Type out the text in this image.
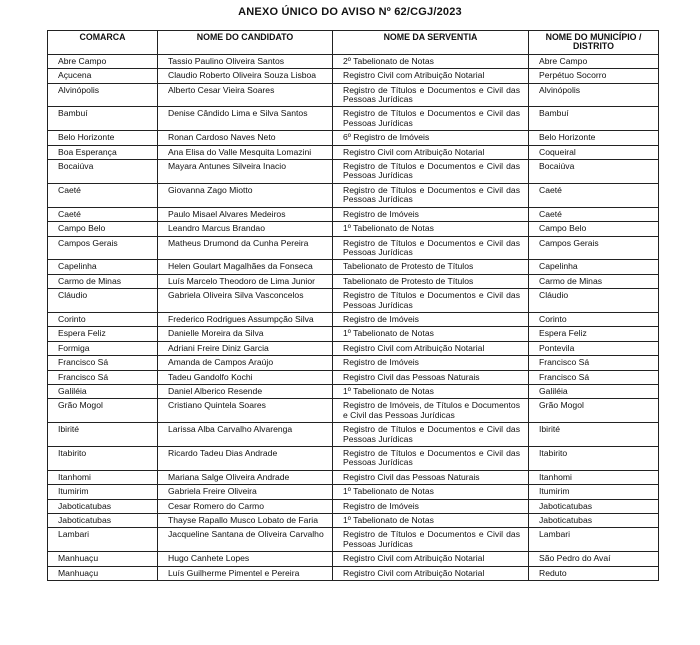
ANEXO ÚNICO DO AVISO Nº 62/CGJ/2023
COMARCA	NOME DO CANDIDATO	NOME DA SERVENTIA	NOME DO MUNICÍPIO / DISTRITO
Abre Campo	Tassio Paulino Oliveira Santos	2º Tabelionato de Notas	Abre Campo
Açucena	Claudio Roberto Oliveira Souza Lisboa	Registro Civil com Atribuição Notarial	Perpétuo Socorro
Alvinópolis	Alberto Cesar Vieira Soares	Registro de Títulos e Documentos e Civil das Pessoas Jurídicas	Alvinópolis
Bambuí	Denise Cândido Lima e Silva Santos	Registro de Títulos e Documentos e Civil das Pessoas Jurídicas	Bambuí
Belo Horizonte	Ronan Cardoso Naves Neto	6º Registro de Imóveis	Belo Horizonte
Boa Esperança	Ana Elisa do Valle Mesquita Lomazini	Registro Civil com Atribuição Notarial	Coqueiral
Bocaiúva	Mayara Antunes Silveira Inacio	Registro de Títulos e Documentos e Civil das Pessoas Jurídicas	Bocaiúva
Caeté	Giovanna Zago Miotto	Registro de Títulos e Documentos e Civil das Pessoas Jurídicas	Caeté
Caeté	Paulo Misael Alvares Medeiros	Registro de Imóveis	Caeté
Campo Belo	Leandro Marcus Brandao	1º Tabelionato de Notas	Campo Belo
Campos Gerais	Matheus Drumond da Cunha Pereira	Registro de Títulos e Documentos e Civil das Pessoas Jurídicas	Campos Gerais
Capelinha	Helen Goulart Magalhães da Fonseca	Tabelionato de Protesto de Títulos	Capelinha
Carmo de Minas	Luís Marcelo Theodoro de Lima Junior	Tabelionato de Protesto de Títulos	Carmo de Minas
Cláudio	Gabriela Oliveira Silva Vasconcelos	Registro de Títulos e Documentos e Civil das Pessoas Jurídicas	Cláudio
Corinto	Frederico Rodrigues Assumpção Silva	Registro de Imóveis	Corinto
Espera Feliz	Danielle Moreira da Silva	1º Tabelionato de Notas	Espera Feliz
Formiga	Adriani Freire Diniz Garcia	Registro Civil com Atribuição Notarial	Pontevila
Francisco Sá	Amanda de Campos Araújo	Registro de Imóveis	Francisco Sá
Francisco Sá	Tadeu Gandolfo Kochi	Registro Civil das Pessoas Naturais	Francisco Sá
Galiléia	Daniel Alberico Resende	1º Tabelionato de Notas	Galiléia
Grão Mogol	Cristiano Quintela Soares	Registro de Imóveis, de Títulos e Documentos e Civil das Pessoas Jurídicas	Grão Mogol
Ibirité	Larissa Alba Carvalho Alvarenga	Registro de Títulos e Documentos e Civil das Pessoas Jurídicas	Ibirité
Itabirito	Ricardo Tadeu Dias Andrade	Registro de Títulos e Documentos e Civil das Pessoas Jurídicas	Itabirito
Itanhomi	Mariana Salge Oliveira Andrade	Registro Civil das Pessoas Naturais	Itanhomi
Itumirim	Gabriela Freire Oliveira	1º Tabelionato de Notas	Itumirim
Jaboticatubas	Cesar Romero do Carmo	Registro de Imóveis	Jaboticatubas
Jaboticatubas	Thayse Rapallo Musco Lobato de Faria	1º Tabelionato de Notas	Jaboticatubas
Lambari	Jacqueline Santana de Oliveira Carvalho	Registro de Títulos e Documentos e Civil das Pessoas Jurídicas	Lambari
Manhuaçu	Hugo Canhete Lopes	Registro Civil com Atribuição Notarial	São Pedro do Avaí
Manhuaçu	Luís Guilherme Pimentel e Pereira	Registro Civil com Atribuição Notarial	Reduto
